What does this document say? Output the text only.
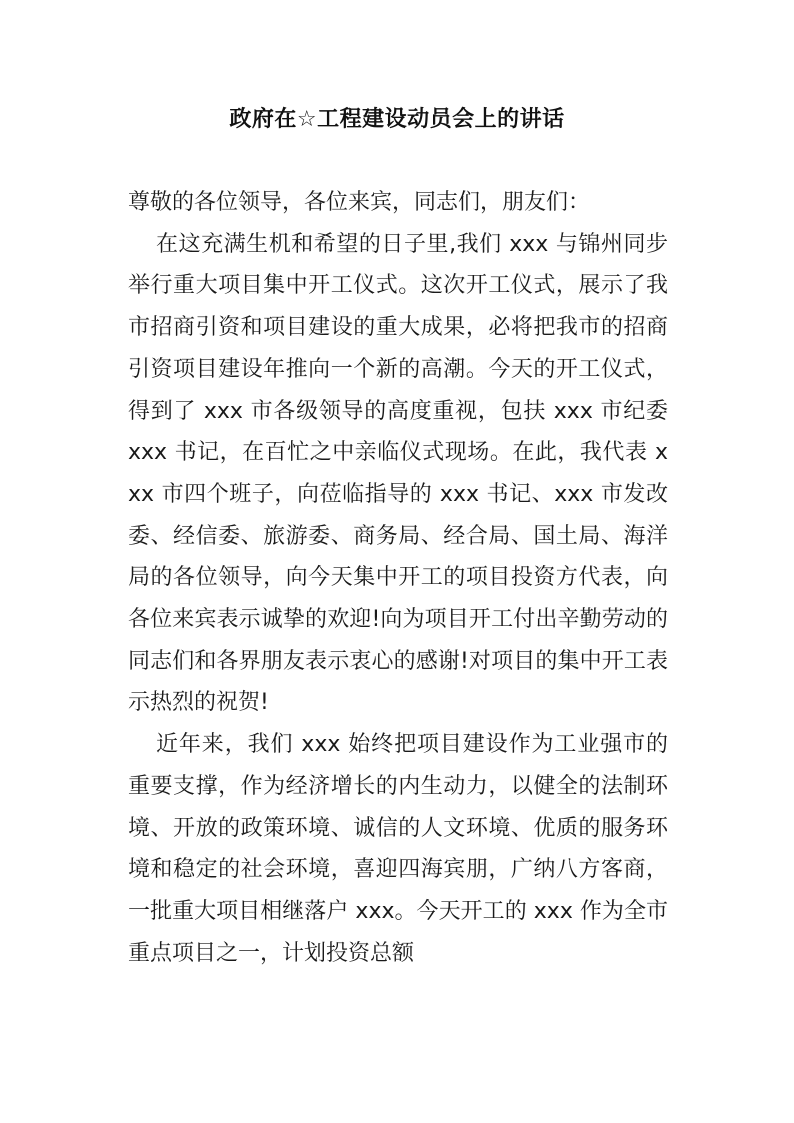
政府在☆工程建设动员会上的讲话

尊敬的各位领导，各位来宾，同志们，朋友们：

在这充满生机和希望的日子里,我们 xxx 与锦州同步举行重大项目集中开工仪式。这次开工仪式，展示了我市招商引资和项目建设的重大成果，必将把我市的招商引资项目建设年推向一个新的高潮。今天的开工仪式，得到了 xxx 市各级领导的高度重视，包扶 xxx 市纪委 xxx 书记，在百忙之中亲临仪式现场。在此，我代表 xxx 市四个班子，向莅临指导的 xxx 书记、xxx 市发改委、经信委、旅游委、商务局、经合局、国土局、海洋局的各位领导，向今天集中开工的项目投资方代表，向各位来宾表示诚挚的欢迎!向为项目开工付出辛勤劳动的同志们和各界朋友表示衷心的感谢!对项目的集中开工表示热烈的祝贺!

近年来，我们 xxx 始终把项目建设作为工业强市的重要支撑，作为经济增长的内生动力，以健全的法制环境、开放的政策环境、诚信的人文环境、优质的服务环境和稳定的社会环境，喜迎四海宾朋，广纳八方客商，一批重大项目相继落户 xxx。今天开工的 xxx 作为全市重点项目之一，计划投资总额
